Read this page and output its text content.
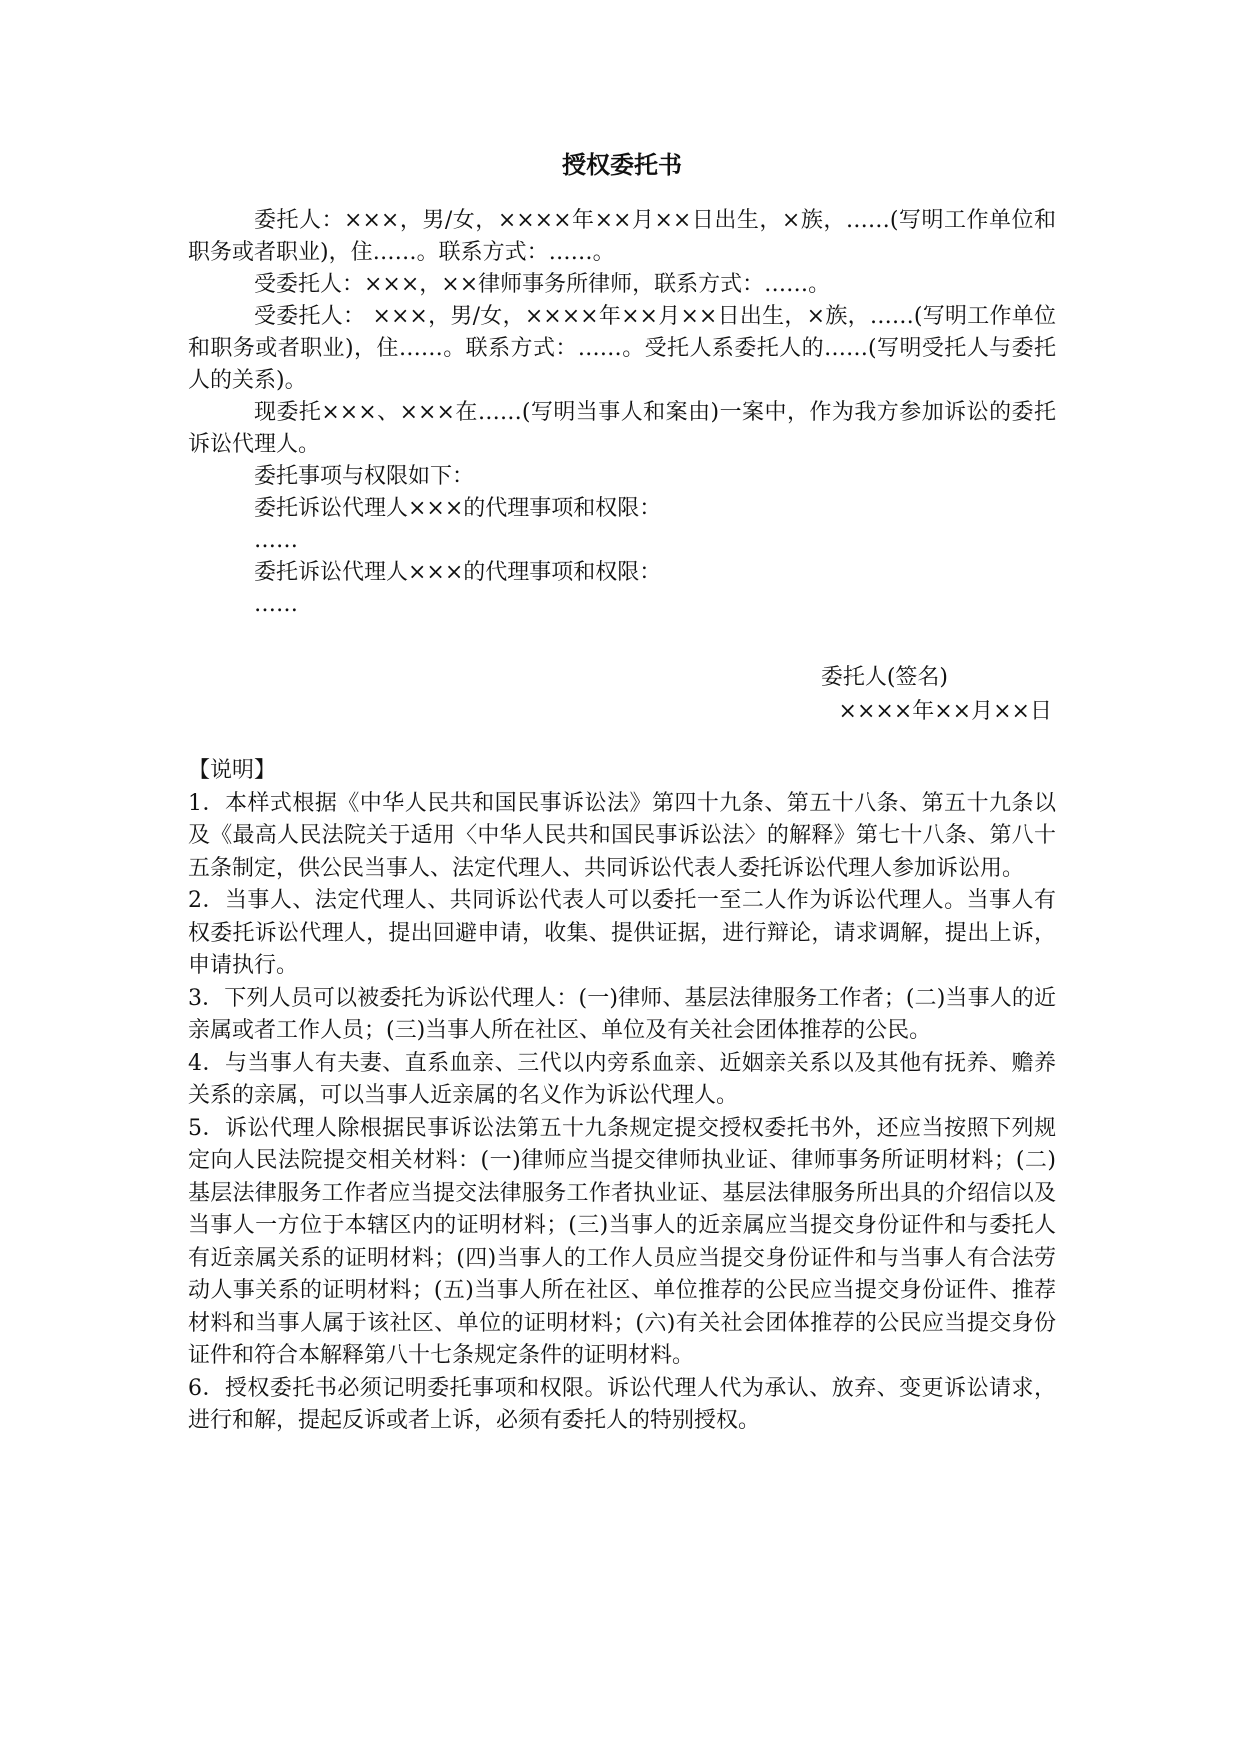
授权委托书

委托人：×××，男/女，××××年××月××日出生，×族，……(写明工作单位和职务或者职业)，住……。联系方式：……。

受委托人：×××，××律师事务所律师，联系方式：……。

受委托人： ×××，男/女，××××年××月××日出生，×族，……(写明工作单位和职务或者职业)，住……。联系方式：……。受托人系委托人的……(写明受托人与委托人的关系)。

现委托×××、×××在……(写明当事人和案由)一案中，作为我方参加诉讼的委托诉讼代理人。

委托事项与权限如下：

委托诉讼代理人×××的代理事项和权限：

……

委托诉讼代理人×××的代理事项和权限：

……

委托人(签名)
××××年××月××日

【说明】

1．本样式根据《中华人民共和国民事诉讼法》第四十九条、第五十八条、第五十九条以及《最高人民法院关于适用〈中华人民共和国民事诉讼法〉的解释》第七十八条、第八十五条制定，供公民当事人、法定代理人、共同诉讼代表人委托诉讼代理人参加诉讼用。

2．当事人、法定代理人、共同诉讼代表人可以委托一至二人作为诉讼代理人。当事人有权委托诉讼代理人，提出回避申请，收集、提供证据，进行辩论，请求调解，提出上诉，申请执行。

3．下列人员可以被委托为诉讼代理人：(一)律师、基层法律服务工作者；(二)当事人的近亲属或者工作人员；(三)当事人所在社区、单位及有关社会团体推荐的公民。

4．与当事人有夫妻、直系血亲、三代以内旁系血亲、近姻亲关系以及其他有抚养、赡养关系的亲属，可以当事人近亲属的名义作为诉讼代理人。

5．诉讼代理人除根据民事诉讼法第五十九条规定提交授权委托书外，还应当按照下列规定向人民法院提交相关材料：(一)律师应当提交律师执业证、律师事务所证明材料；(二)基层法律服务工作者应当提交法律服务工作者执业证、基层法律服务所出具的介绍信以及当事人一方位于本辖区内的证明材料；(三)当事人的近亲属应当提交身份证件和与委托人有近亲属关系的证明材料；(四)当事人的工作人员应当提交身份证件和与当事人有合法劳动人事关系的证明材料；(五)当事人所在社区、单位推荐的公民应当提交身份证件、推荐材料和当事人属于该社区、单位的证明材料；(六)有关社会团体推荐的公民应当提交身份证件和符合本解释第八十七条规定条件的证明材料。

6．授权委托书必须记明委托事项和权限。诉讼代理人代为承认、放弃、变更诉讼请求，进行和解，提起反诉或者上诉，必须有委托人的特别授权。
